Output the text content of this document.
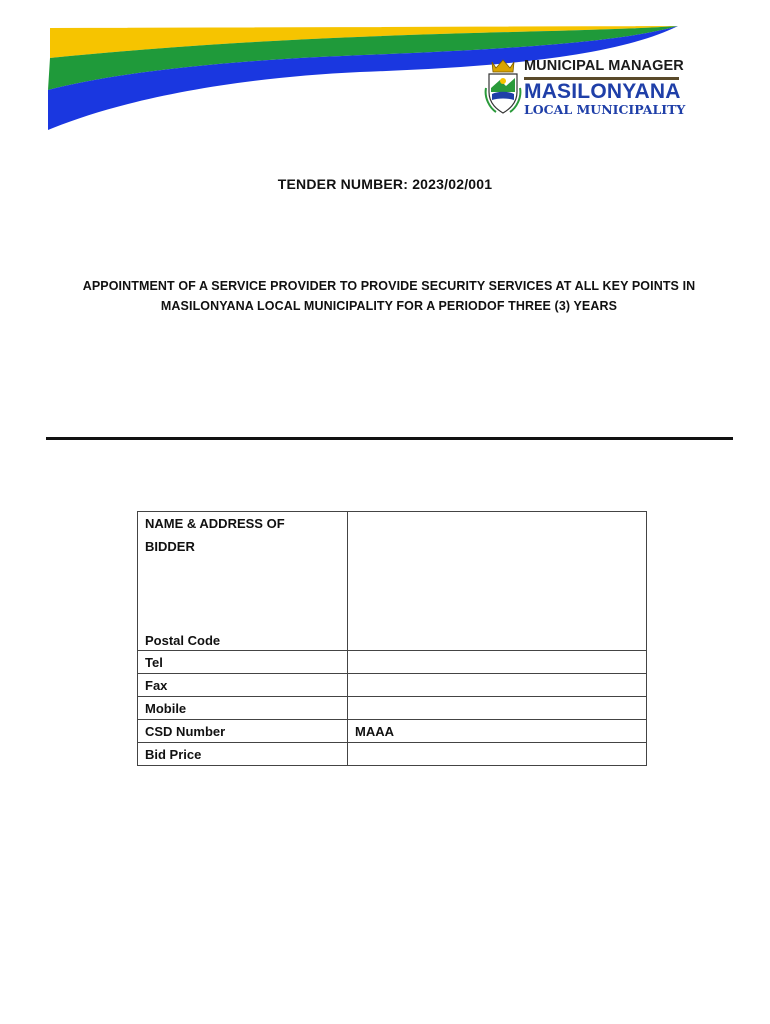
MUNICIPAL MANAGER
MASILONYANA
LOCAL MUNICIPALITY
TENDER NUMBER: 2023/02/001
APPOINTMENT OF A SERVICE PROVIDER TO PROVIDE SECURITY SERVICES AT ALL KEY POINTS IN
MASILONYANA LOCAL MUNICIPALITY FOR A PERIODOF THREE (3) YEARS
NAME & ADDRESS OF BIDDER
Postal Code	

Tel	
Fax	
Mobile	
CSD Number	MAAA
Bid Price	
